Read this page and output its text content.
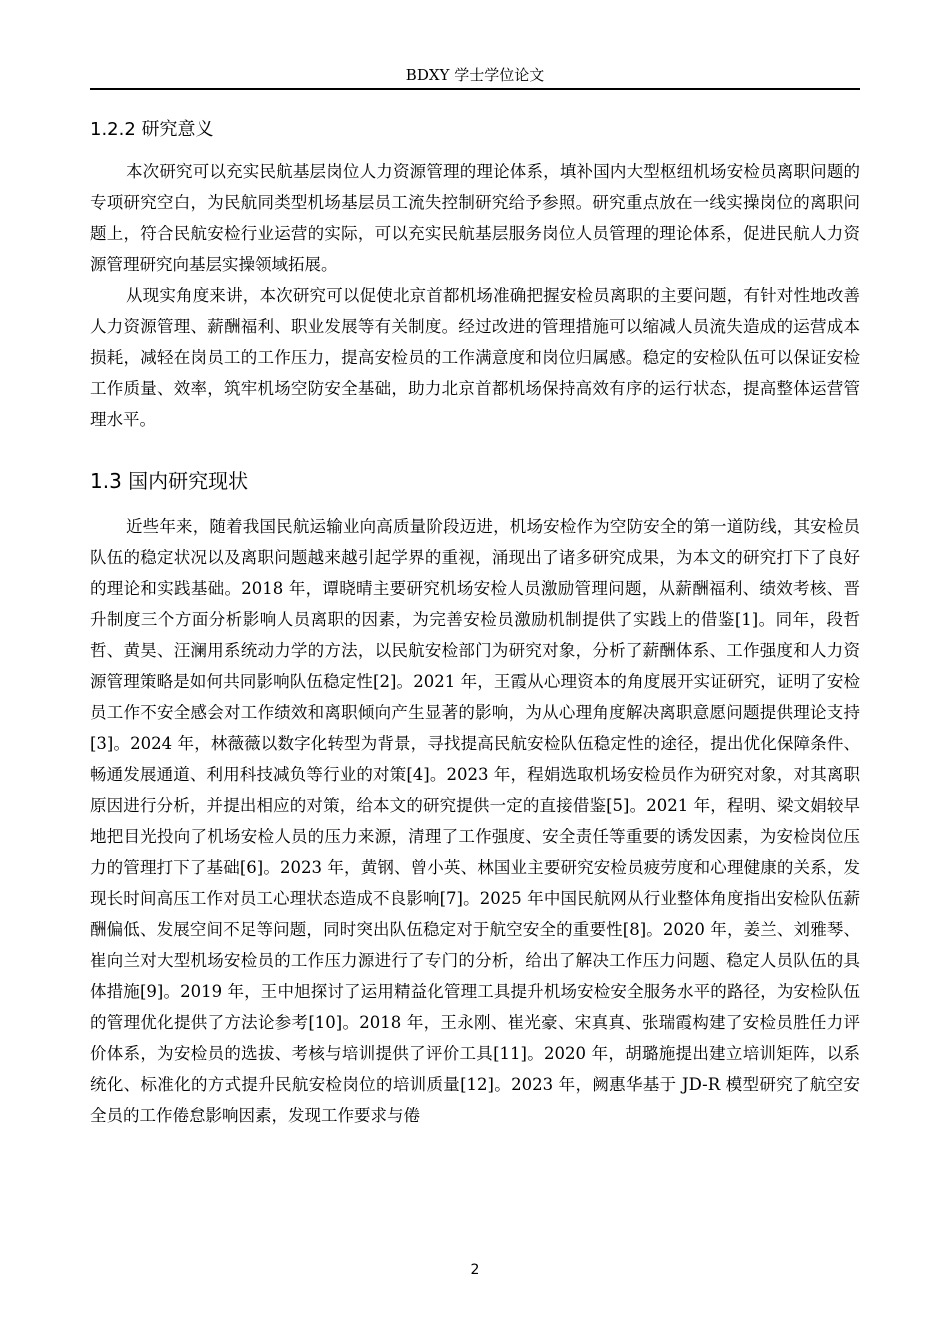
BDXY 学士学位论文
1.2.2 研究意义

本次研究可以充实民航基层岗位人力资源管理的理论体系，填补国内大型枢纽机场安检员离职问题的专项研究空白，为民航同类型机场基层员工流失控制研究给予参照。研究重点放在一线实操岗位的离职问题上，符合民航安检行业运营的实际，可以充实民航基层服务岗位人员管理的理论体系，促进民航人力资源管理研究向基层实操领域拓展。

从现实角度来讲，本次研究可以促使北京首都机场准确把握安检员离职的主要问题，有针对性地改善人力资源管理、薪酬福利、职业发展等有关制度。经过改进的管理措施可以缩减人员流失造成的运营成本损耗，减轻在岗员工的工作压力，提高安检员的工作满意度和岗位归属感。稳定的安检队伍可以保证安检工作质量、效率，筑牢机场空防安全基础，助力北京首都机场保持高效有序的运行状态，提高整体运营管理水平。

1.3 国内研究现状

近些年来，随着我国民航运输业向高质量阶段迈进，机场安检作为空防安全的第一道防线，其安检员队伍的稳定状况以及离职问题越来越引起学界的重视，涌现出了诸多研究成果，为本文的研究打下了良好的理论和实践基础。2018 年，谭晓晴主要研究机场安检人员激励管理问题，从薪酬福利、绩效考核、晋升制度三个方面分析影响人员离职的因素，为完善安检员激励机制提供了实践上的借鉴[1]。同年，段哲哲、黄昊、汪澜用系统动力学的方法，以民航安检部门为研究对象，分析了薪酬体系、工作强度和人力资源管理策略是如何共同影响队伍稳定性[2]。2021 年，王霞从心理资本的角度展开实证研究，证明了安检员工作不安全感会对工作绩效和离职倾向产生显著的影响，为从心理角度解决离职意愿问题提供理论支持[3]。2024 年，林薇薇以数字化转型为背景，寻找提高民航安检队伍稳定性的途径，提出优化保障条件、畅通发展通道、利用科技减负等行业的对策[4]。2023 年，程娟选取机场安检员作为研究对象，对其离职原因进行分析，并提出相应的对策，给本文的研究提供一定的直接借鉴[5]。2021 年，程明、梁文娟较早地把目光投向了机场安检人员的压力来源，清理了工作强度、安全责任等重要的诱发因素，为安检岗位压力的管理打下了基础[6]。2023 年，黄钢、曾小英、林国业主要研究安检员疲劳度和心理健康的关系，发现长时间高压工作对员工心理状态造成不良影响[7]。2025 年中国民航网从行业整体角度指出安检队伍薪酬偏低、发展空间不足等问题，同时突出队伍稳定对于航空安全的重要性[8]。2020 年，姜兰、刘雅琴、崔向兰对大型机场安检员的工作压力源进行了专门的分析，给出了解决工作压力问题、稳定人员队伍的具体措施[9]。2019 年，王中旭探讨了运用精益化管理工具提升机场安检安全服务水平的路径，为安检队伍的管理优化提供了方法论参考[10]。2018 年，王永刚、崔光豪、宋真真、张瑞霞构建了安检员胜任力评价体系，为安检员的选拔、考核与培训提供了评价工具[11]。2020 年，胡璐施提出建立培训矩阵，以系统化、标准化的方式提升民航安检岗位的培训质量[12]。2023 年，阙惠华基于 JD-R 模型研究了航空安全员的工作倦怠影响因素，发现工作要求与倦

2
